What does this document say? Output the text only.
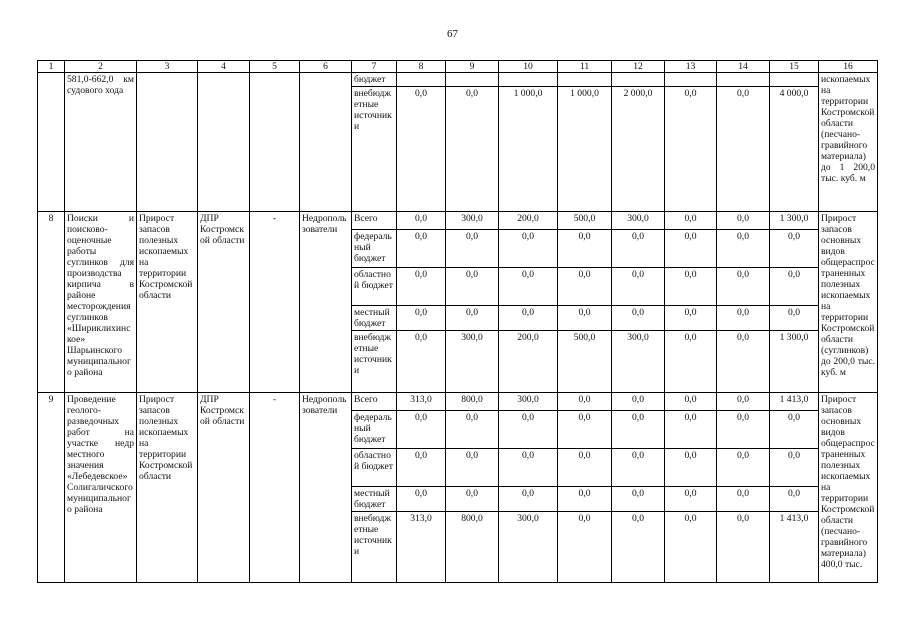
67
1	2	3	4	5	6	7	8	9	10	11	12	13	14	15	16
	581,0-662,0 км судового хода					бюджет									ископаемых на территории Костромской области (песчано-гравийного материала) до 1 200,0 тыс. куб. м
						внебюджетные источники	0,0	0,0	1 000,0	1 000,0	2 000,0	0,0	0,0	4 000,0	
8	Поиски и поисково-оценочные работы суглинков для производства кирпича в районе месторождения суглинков «Шириклихинское» Шарьинского муниципального района	Прирост запасов полезных ископаемых на территории Костромской области	ДПР Костромской области	-	Недропользователи	Всего	0,0	300,0	200,0	500,0	300,0	0,0	0,0	1 300,0	Прирост запасов основных видов общераспространенных полезных ископаемых на территории Костромской области (суглинков) до 200,0 тыс. куб. м
						федеральный бюджет	0,0	0,0	0,0	0,0	0,0	0,0	0,0	0,0	
						областной бюджет	0,0	0,0	0,0	0,0	0,0	0,0	0,0	0,0	
						местный бюджет	0,0	0,0	0,0	0,0	0,0	0,0	0,0	0,0	
						внебюджетные источники	0,0	300,0	200,0	500,0	300,0	0,0	0,0	1 300,0	
9	Проведение геолого-разведочных работ на участке недр местного значения «Лебедевское» Солигаличского муниципального района	Прирост запасов полезных ископаемых на территории Костромской области	ДПР Костромской области	-	Недропользователи	Всего	313,0	800,0	300,0	0,0	0,0	0,0	0,0	1 413,0	Прирост запасов основных видов общераспространенных полезных ископаемых на территории Костромской области (песчано-гравийного материала) 400,0 тыс.
						федеральный бюджет	0,0	0,0	0,0	0,0	0,0	0,0	0,0	0,0	
						областной бюджет	0,0	0,0	0,0	0,0	0,0	0,0	0,0	0,0	
						местный бюджет	0,0	0,0	0,0	0,0	0,0	0,0	0,0	0,0	
						внебюджетные источники	313,0	800,0	300,0	0,0	0,0	0,0	0,0	1 413,0	
